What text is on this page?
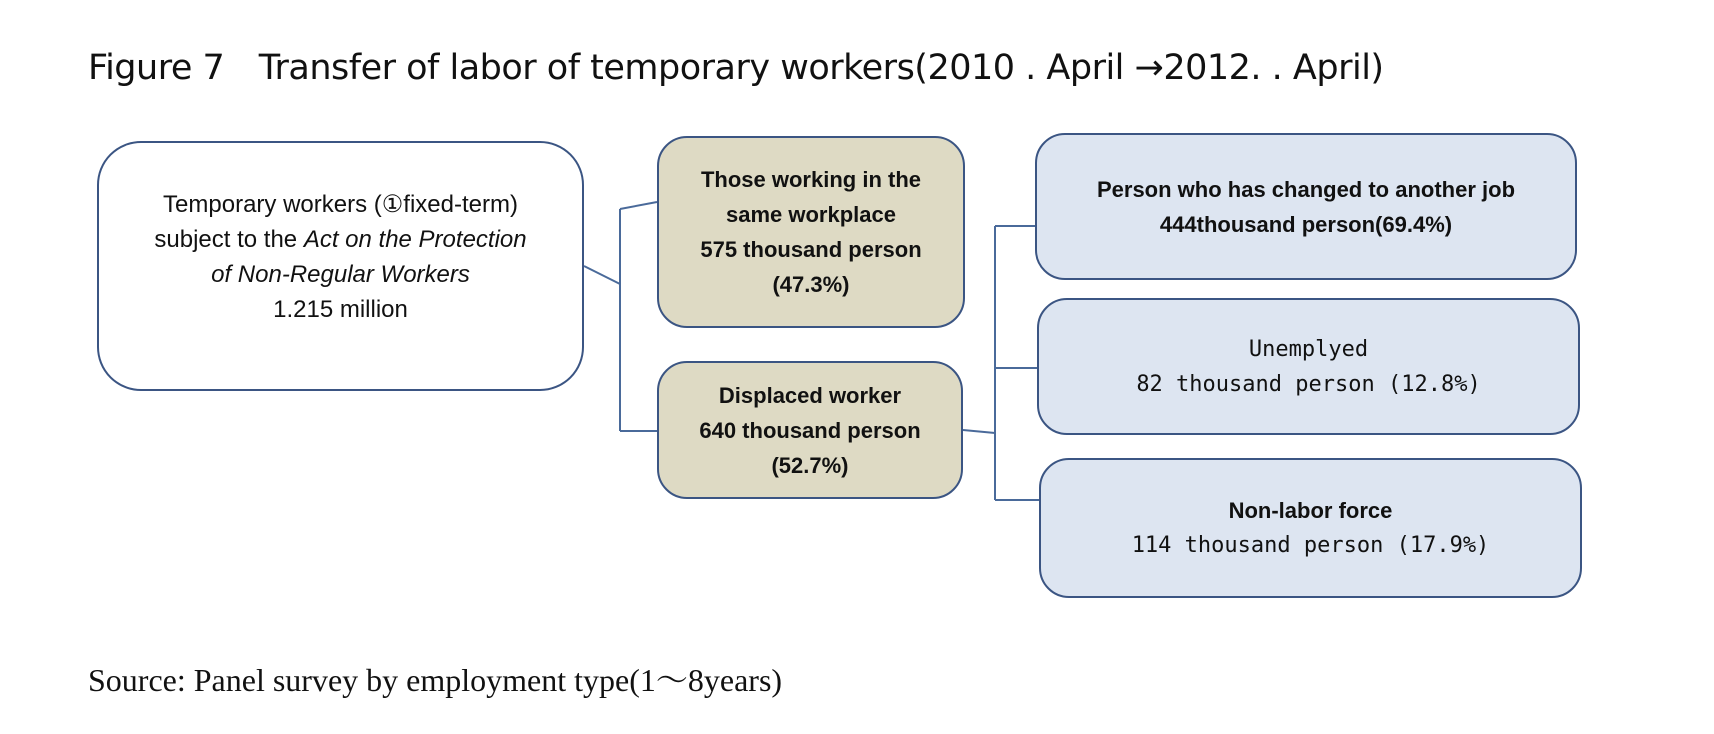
Figure 7　Transfer of labor of temporary workers(2010 . April →2012. . April)
Temporary workers (①fixed-term)
subject to the Act on the Protection
of Non-Regular Workers
1.215 million
Those working in the
same workplace
575 thousand person
(47.3%)
Displaced worker
640 thousand person
(52.7%)
Person who has changed to another job
444thousand person(69.4%)
Unemplyed
82 thousand person (12.8%)
Non-labor force
114 thousand person (17.9%)
Source: Panel survey by employment type(1～8years)
